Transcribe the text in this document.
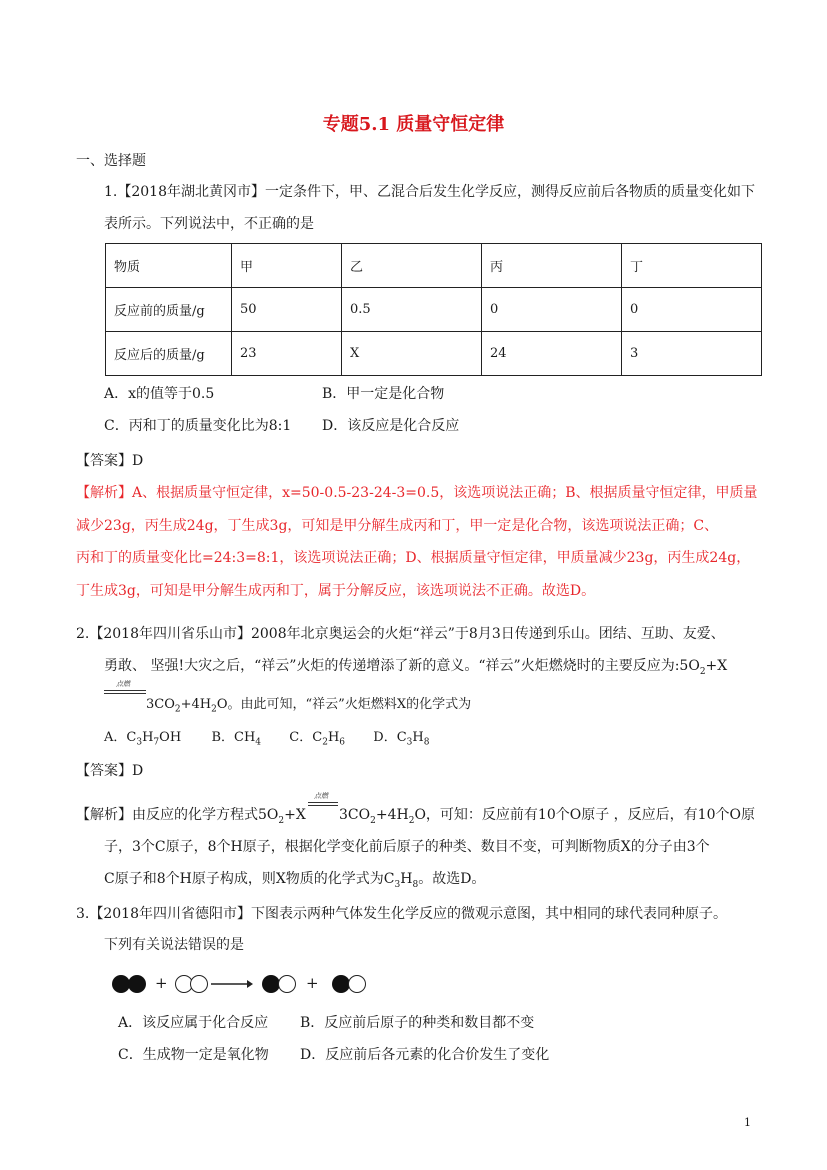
专题5.1 质量守恒定律
一、选择题
1.【2018年湖北黄冈市】一定条件下，甲、乙混合后发生化学反应，测得反应前后各物质的质量变化如下
表所示。下列说法中，不正确的是
物质	甲	乙	丙	丁
反应前的质量/g	50	0.5	0	0
反应后的质量/g	23	X	24	3
A．x的值等于0.5	B．甲一定是化合物
C．丙和丁的质量变化比为8:1 D．该反应是化合反应
【答案】D
【解析】A、根据质量守恒定律，x=50-0.5-23-24-3=0.5，该选项说法正确；B、根据质量守恒定律，甲质量
减少23g，丙生成24g，丁生成3g，可知是甲分解生成丙和丁，甲一定是化合物，该选项说法正确；C、
丙和丁的质量变化比=24:3=8:1，该选项说法正确；D、根据质量守恒定律，甲质量减少23g，丙生成24g，
丁生成3g，可知是甲分解生成丙和丁，属于分解反应，该选项说法不正确。故选D。
2.【2018年四川省乐山市】2008年北京奥运会的火炬“祥云”于8月3日传递到乐山。团结、互助、友爱、
勇敢、 坚强!大灾之后，“祥云”火炬的传递增添了新的意义。“祥云”火炬燃烧时的主要反应为$:5O_2+X$
点燃
$3CO_2+4H_2O$。由此可知，“祥云”火炬燃料X的化学式为
A．$C_3H_7OH$ B．$CH_4$ C．$C_2H_6$ D．$C_3H_8$
【答案】D
【解析】由反应的化学方程式$5O_2+X$
点燃
$3CO_2+4H_2O$，可知：反应前有10个O原子 ，反应后，有10个O原
子，3个C原子，8个H原子，根据化学变化前后原子的种类、数目不变，可判断物质X的分子由3个
C原子和8个H原子构成，则X物质的化学式为$C_3H_8$。故选D。
3.【2018年四川省德阳市】下图表示两种气体发生化学反应的微观示意图，其中相同的球代表同种原子。
下列有关说法错误的是
+	+
A．该反应属于化合反应 B．反应前后原子的种类和数目都不变
C．生成物一定是氧化物 D．反应前后各元素的化合价发生了变化
1
